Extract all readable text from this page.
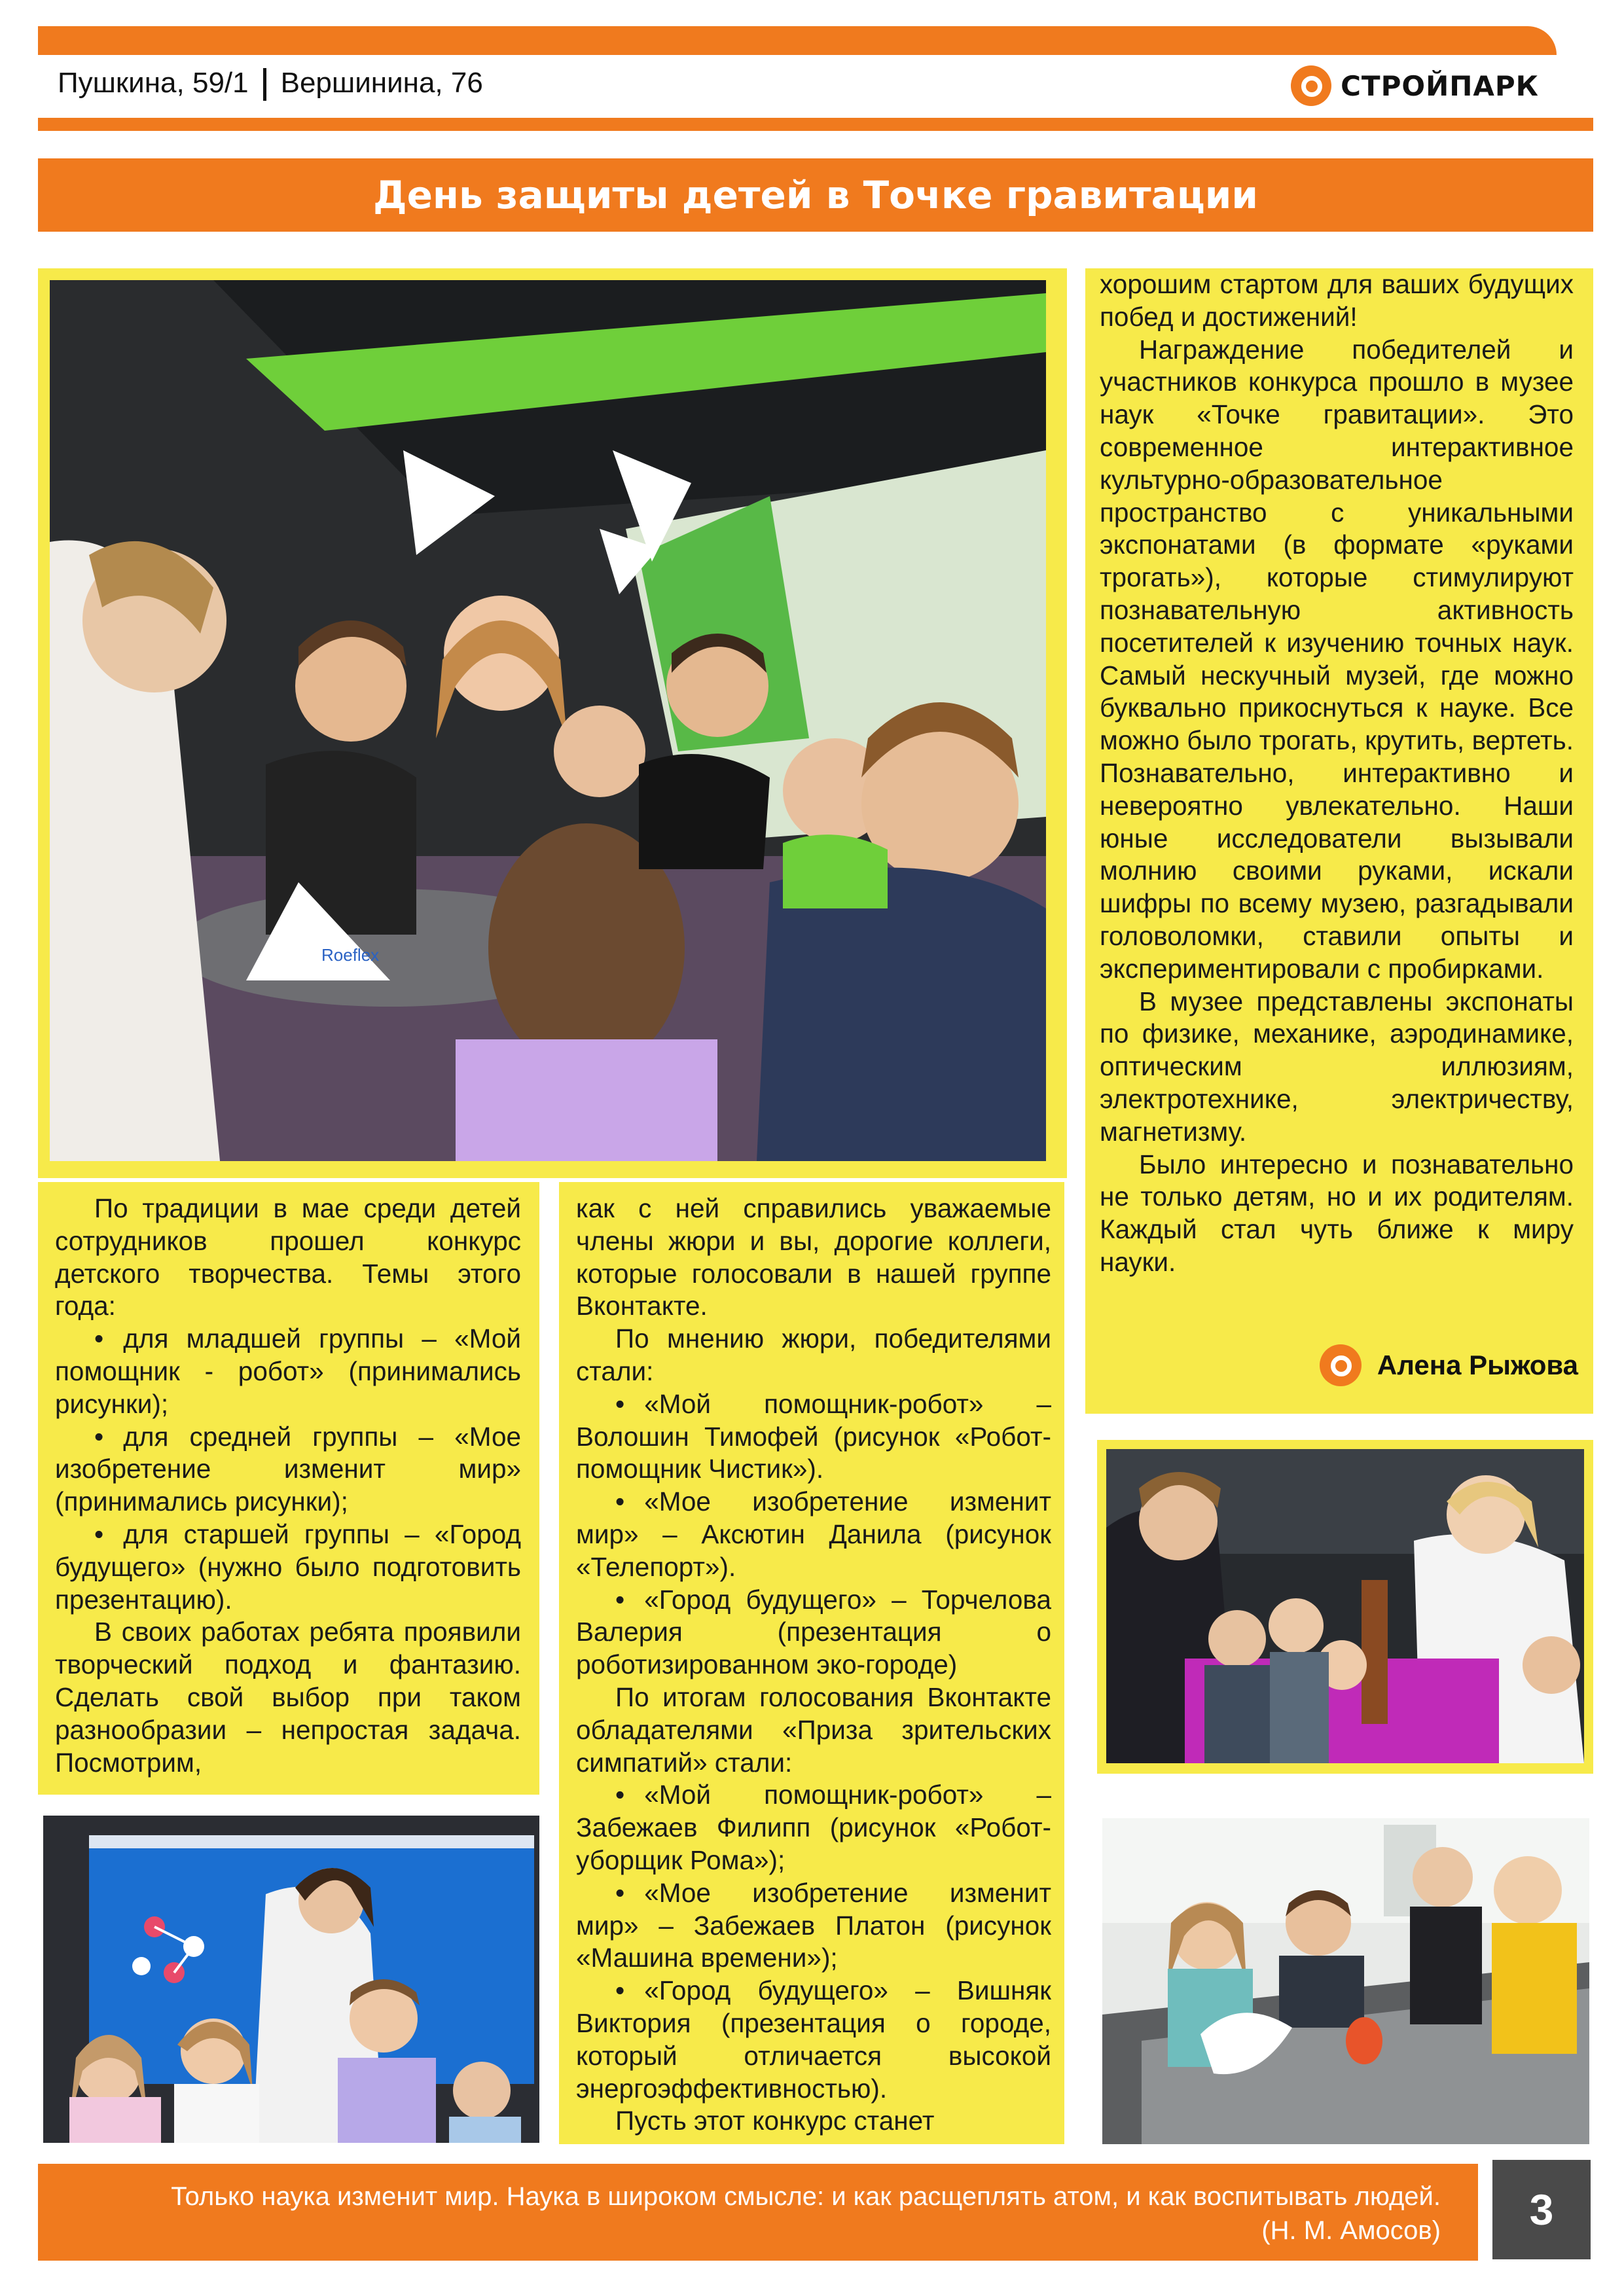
Пушкина, 59/1 Вершинина, 76	СТРОЙПАРК
День защиты детей в Точке гравитации
Roeflex

По традиции в мае среди детей сотрудников прошел конкурс детского творчества. Темы этого года:

• для младшей группы – «Мой помощник - робот» (принимались рисунки);

• для средней группы – «Мое изобретение изменит мир» (принимались рисунки);

• для старшей группы – «Город будущего» (нужно было подготовить презентацию).

В своих работах ребята проявили творческий подход и фантазию. Сделать свой выбор при таком разнообразии – непростая задача. Посмотрим,

как с ней справились уважаемые члены жюри и вы, дорогие коллеги, которые голосовали в нашей группе Вконтакте.

По мнению жюри, победителями стали:

• «Мой помощник-робот» – Волошин Тимофей (рисунок «Робот-помощник Чистик»).

• «Мое изобретение изменит мир» – Аксютин Данила (рисунок «Телепорт»).

• «Город будущего» – Торчелова Валерия (презентация о роботизированном эко-городе)

По итогам голосования Вконтакте обладателями «Приза зрительских симпатий» стали:

• «Мой помощник-робот» – Забежаев Филипп (рисунок «Робот-уборщик Рома»);

• «Мое изобретение изменит мир» – Забежаев Платон (рисунок «Машина времени»);

• «Город будущего» – Вишняк Виктория (презентация о городе, который отличается высокой энергоэффективностью).

Пусть этот конкурс станет

хорошим стартом для ваших будущих побед и достижений!

Награждение победителей и участников конкурса прошло в музее наук «Точке гравитации». Это современное интерактивное культурно-образовательное пространство с уникальными экспонатами (в формате «руками трогать»), которые стимулируют познавательную активность посетителей к изучению точных наук. Самый нескучный музей, где можно буквально прикоснуться к науке. Все можно было трогать, крутить, вертеть. Познавательно, интерактивно и невероятно увлекательно. Наши юные исследователи вызывали молнию своими руками, искали шифры по всему музею, разгадывали головоломки, ставили опыты и экспериментировали с пробирками.

В музее представлены экспонаты по физике, механике, аэродинамике, оптическим иллюзиям, электротехнике, электричеству, магнетизму.

Было интересно и познавательно не только детям, но и их родителям. Каждый стал чуть ближе к миру науки.

Алена Рыжова
Только наука изменит мир. Наука в широком смысле: и как расщеплять атом, и как воспитывать людей.
(Н. М. Амосов)	3
